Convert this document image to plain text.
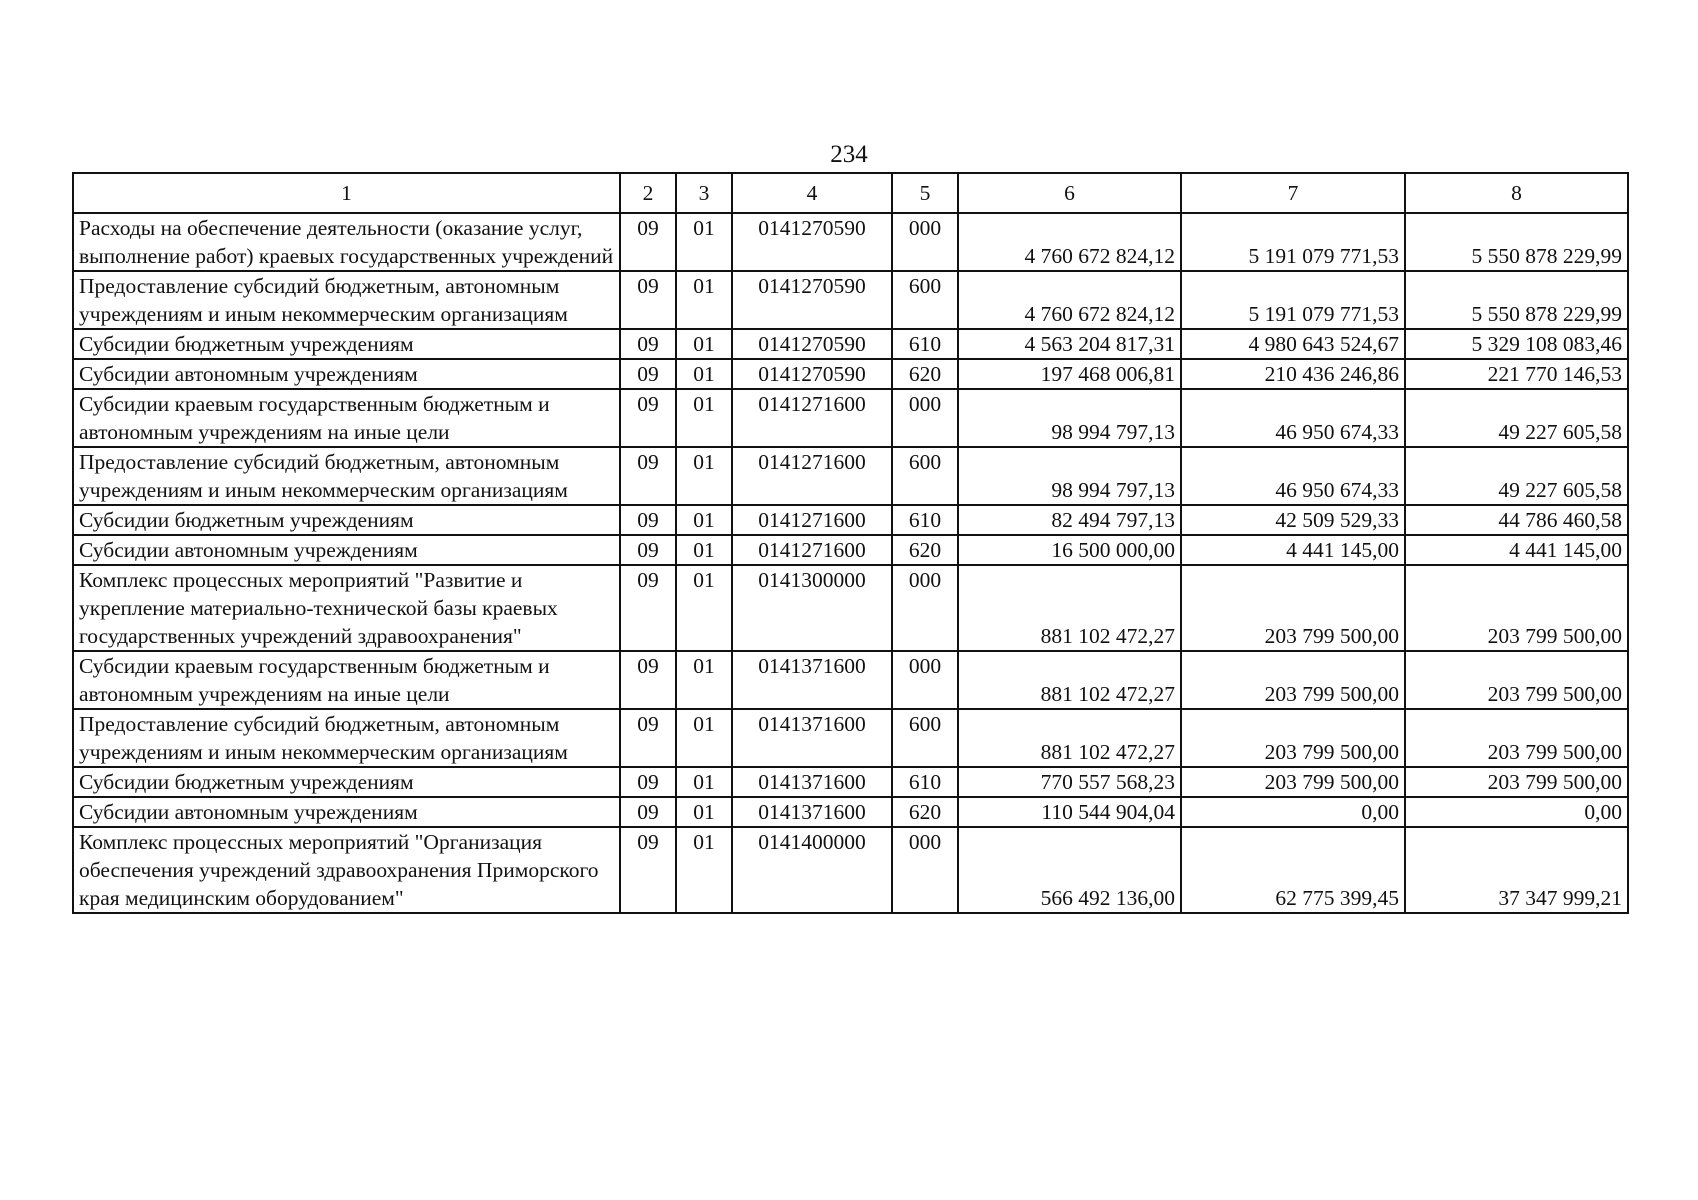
234
1	2	3	4	5	6	7	8
Расходы на обеспечение деятельности (оказание услуг, выполнение работ) краевых государственных учреждений	09	01	0141270590	000	4 760 672 824,12	5 191 079 771,53	5 550 878 229,99
Предоставление субсидий бюджетным, автономным учреждениям и иным некоммерческим организациям	09	01	0141270590	600	4 760 672 824,12	5 191 079 771,53	5 550 878 229,99
Субсидии бюджетным учреждениям	09	01	0141270590	610	4 563 204 817,31	4 980 643 524,67	5 329 108 083,46
Субсидии автономным учреждениям	09	01	0141270590	620	197 468 006,81	210 436 246,86	221 770 146,53
Субсидии краевым государственным бюджетным и автономным учреждениям на иные цели	09	01	0141271600	000	98 994 797,13	46 950 674,33	49 227 605,58
Предоставление субсидий бюджетным, автономным учреждениям и иным некоммерческим организациям	09	01	0141271600	600	98 994 797,13	46 950 674,33	49 227 605,58
Субсидии бюджетным учреждениям	09	01	0141271600	610	82 494 797,13	42 509 529,33	44 786 460,58
Субсидии автономным учреждениям	09	01	0141271600	620	16 500 000,00	4 441 145,00	4 441 145,00
Комплекс процессных мероприятий "Развитие и укрепление материально-технической базы краевых государственных учреждений здравоохранения"	09	01	0141300000	000	881 102 472,27	203 799 500,00	203 799 500,00
Субсидии краевым государственным бюджетным и автономным учреждениям на иные цели	09	01	0141371600	000	881 102 472,27	203 799 500,00	203 799 500,00
Предоставление субсидий бюджетным, автономным учреждениям и иным некоммерческим организациям	09	01	0141371600	600	881 102 472,27	203 799 500,00	203 799 500,00
Субсидии бюджетным учреждениям	09	01	0141371600	610	770 557 568,23	203 799 500,00	203 799 500,00
Субсидии автономным учреждениям	09	01	0141371600	620	110 544 904,04	0,00	0,00
Комплекс процессных мероприятий "Организация обеспечения учреждений здравоохранения Приморского края медицинским оборудованием"	09	01	0141400000	000	566 492 136,00	62 775 399,45	37 347 999,21
